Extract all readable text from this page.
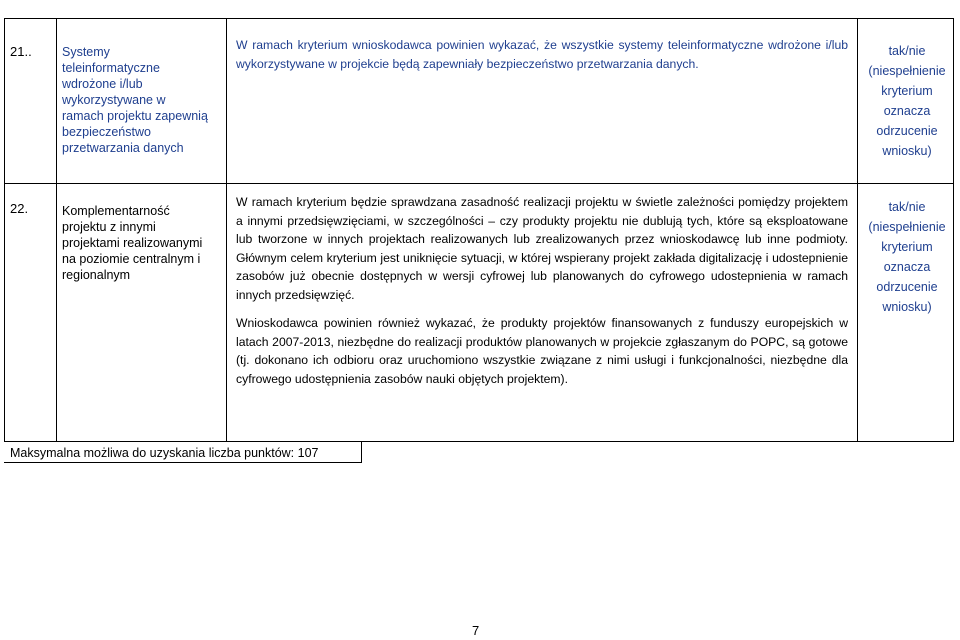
21.. Systemy
teleinformatyczne
wdrożone i/lub
wykorzystywane w
ramach projektu zapewnią
bezpieczeństwo
przetwarzania danych

W ramach kryterium wnioskodawca powinien wykazać, że wszystkie systemy teleinformatyczne wdrożone i/lub wykorzystywane w projekcie będą zapewniały bezpieczeństwo przetwarzania danych.

tak/nie
(niespełnienie
kryterium
oznacza
odrzucenie
wniosku)
22.	Komplementarność
projektu z innymi
projektami realizowanymi
na poziomie centralnym i
regionalnym

W ramach kryterium będzie sprawdzana zasadność realizacji projektu w świetle zależności pomiędzy projektem a innymi przedsięwzięciami, w szczególności – czy produkty projektu nie dublują tych, które są eksploatowane lub tworzone w innych projektach realizowanych lub zrealizowanych przez wnioskodawcę lub inne podmioty. Głównym celem kryterium jest uniknięcie sytuacji, w której wspierany projekt zakłada digitalizację i udostepnienie zasobów już obecnie dostępnych w wersji cyfrowej lub planowanych do cyfrowego udostepnienia w ramach innych przedsięwzięć.

Wnioskodawca powinien również wykazać, że produkty projektów finansowanych z funduszy europejskich w latach 2007-2013, niezbędne do realizacji produktów planowanych w projekcie zgłaszanym do POPC, są gotowe (tj. dokonano ich odbioru oraz uruchomiono wszystkie związane z nimi usługi i funkcjonalności, niezbędne dla cyfrowego udostępnienia zasobów nauki objętych projektem).

tak/nie
(niespełnienie
kryterium
oznacza
odrzucenie
wniosku)
Maksymalna możliwa do uzyskania liczba punktów: 107
7
